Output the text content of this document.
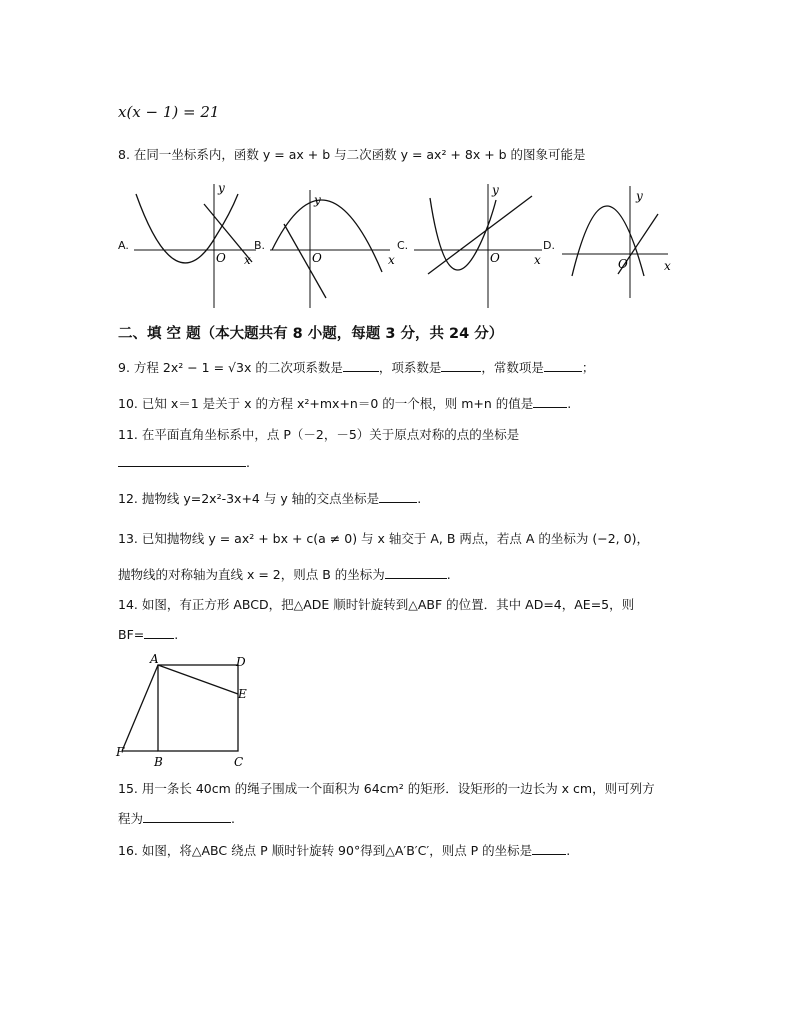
x(x − 1) = 21
8. 在同一坐标系内，函数 y = ax + b 与二次函数 y = ax² + 8x + b 的图象可能是
A.
y
O x
B.
y
O	x
C.
y
O	x
D.
y
O	x
二、填 空 题（本大题共有 8 小题，每题 3 分，共 24 分）
9. 方程 2x² − 1 = √3x 的二次项系数是	，项系数是	，常数项是	；
10. 已知 x＝1 是关于 x 的方程 x²+mx+n＝0 的一个根，则 m+n 的值是	.
11. 在平面直角坐标系中，点 P（－2，－5）关于原点对称的点的坐标是
.
12. 抛物线 y=2x²-3x+4 与 y 轴的交点坐标是	.
13. 已知抛物线 y = ax² + bx + c(a ≠ 0) 与 x 轴交于 A, B 两点，若点 A 的坐标为 (−2, 0)，
抛物线的对称轴为直线 x = 2，则点 B 的坐标为	.
14. 如图，有正方形 ABCD，把△ADE 顺时针旋转到△ABF 的位置．其中 AD=4，AE=5，则
BF= .
A	D
E
F
B	C
15. 用一条长 40cm 的绳子围成一个面积为 64cm² 的矩形．设矩形的一边长为 x cm，则可列方
程为	.
16. 如图，将△ABC 绕点 P 顺时针旋转 90°得到△A′B′C′，则点 P 的坐标是	.
